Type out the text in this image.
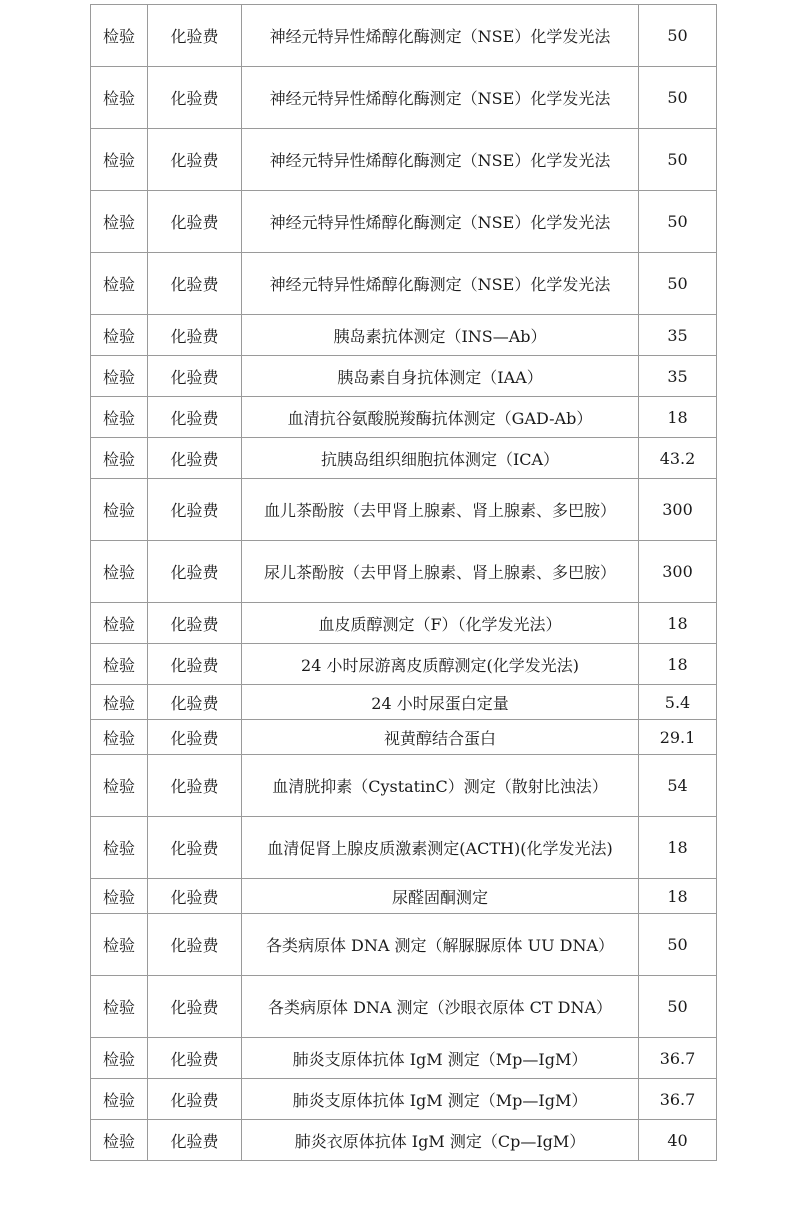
检验	化验费	神经元特异性烯醇化酶测定（NSE）化学发光法	50
检验	化验费	神经元特异性烯醇化酶测定（NSE）化学发光法	50
检验	化验费	神经元特异性烯醇化酶测定（NSE）化学发光法	50
检验	化验费	神经元特异性烯醇化酶测定（NSE）化学发光法	50
检验	化验费	神经元特异性烯醇化酶测定（NSE）化学发光法	50
检验	化验费	胰岛素抗体测定（INS—Ab）	35
检验	化验费	胰岛素自身抗体测定（IAA）	35
检验	化验费	血清抗谷氨酸脱羧酶抗体测定（GAD-Ab）	18
检验	化验费	抗胰岛组织细胞抗体测定（ICA）	43.2
检验	化验费	血儿茶酚胺（去甲肾上腺素、肾上腺素、多巴胺）	300
检验	化验费	尿儿茶酚胺（去甲肾上腺素、肾上腺素、多巴胺）	300
检验	化验费	血皮质醇测定（F）（化学发光法）	18
检验	化验费	24 小时尿游离皮质醇测定(化学发光法)	18
检验	化验费	24 小时尿蛋白定量	5.4
检验	化验费	视黄醇结合蛋白	29.1
检验	化验费	血清胱抑素（CystatinC）测定（散射比浊法）	54
检验	化验费	血清促肾上腺皮质激素测定(ACTH)(化学发光法)	18
检验	化验费	尿醛固酮测定	18
检验	化验费	各类病原体 DNA 测定（解脲脲原体 UU DNA）	50
检验	化验费	各类病原体 DNA 测定（沙眼衣原体 CT DNA）	50
检验	化验费	肺炎支原体抗体 IgM 测定（Mp—IgM）	36.7
检验	化验费	肺炎支原体抗体 IgM 测定（Mp—IgM）	36.7
检验	化验费	肺炎衣原体抗体 IgM 测定（Cp—IgM）	40
